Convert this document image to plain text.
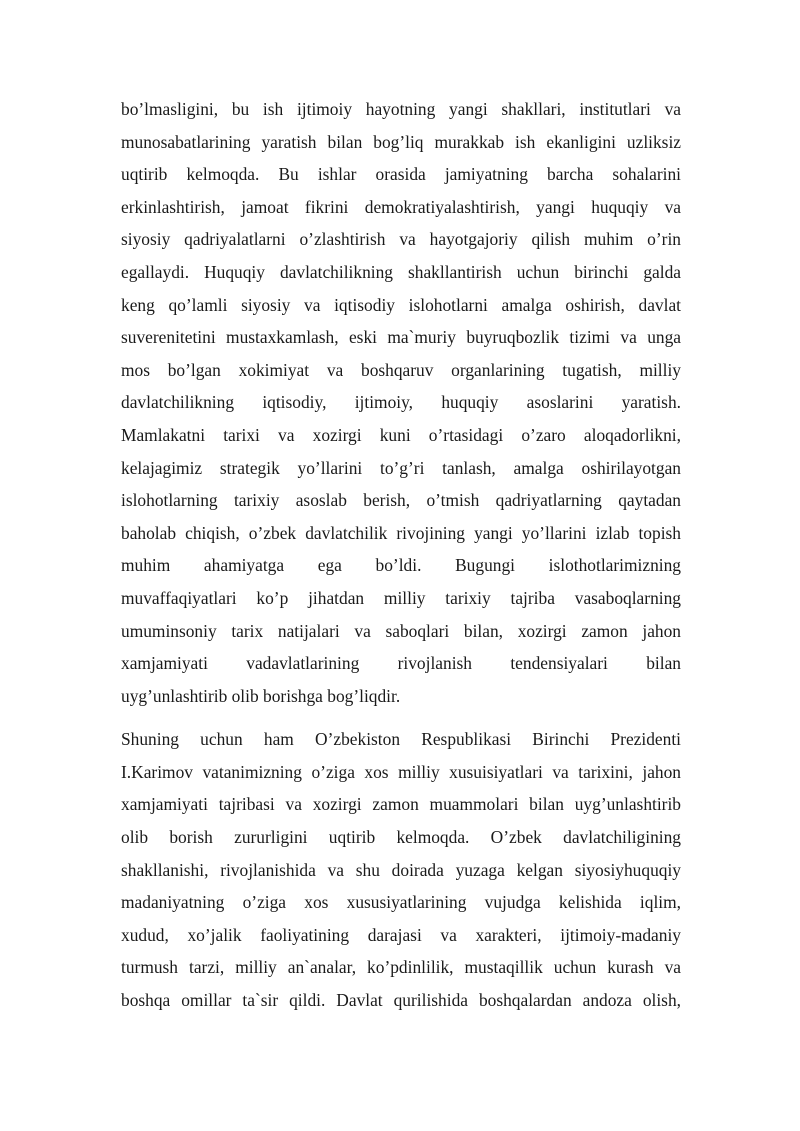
bo’lmasligini, bu ish ijtimoiy hayotning yangi shakllari, institutlari va
munosabatlarining yaratish bilan bog’liq murakkab ish ekanligini uzliksiz
uqtirib kelmoqda. Bu ishlar orasida jamiyatning barcha sohalarini
erkinlashtirish, jamoat fikrini demokratiyalashtirish, yangi huquqiy va
siyosiy qadriyalatlarni o’zlashtirish va hayotgajoriy qilish muhim o’rin
egallaydi. Huquqiy davlatchilikning shakllantirish uchun birinchi galda
keng qo’lamli siyosiy va iqtisodiy islohotlarni amalga oshirish, davlat
suverenitetini mustaxkamlash, eski ma`muriy buyruqbozlik tizimi va unga
mos bo’lgan xokimiyat va boshqaruv organlarining tugatish, milliy
davlatchilikning iqtisodiy, ijtimoiy, huquqiy asoslarini yaratish.
Mamlakatni tarixi va xozirgi kuni o’rtasidagi o’zaro aloqadorlikni,
kelajagimiz strategik yo’llarini to’g’ri tanlash, amalga oshirilayotgan
islohotlarning tarixiy asoslab berish, o’tmish qadriyatlarning qaytadan
baholab chiqish, o’zbek davlatchilik rivojining yangi yo’llarini izlab topish
muhim ahamiyatga ega bo’ldi. Bugungi islothotlarimizning
muvaffaqiyatlari ko’p jihatdan milliy tarixiy tajriba vasaboqlarning
umuminsoniy tarix natijalari va saboqlari bilan, xozirgi zamon jahon
xamjamiyati vadavlatlarining rivojlanish tendensiyalari bilan
uyg’unlashtirib olib borishga bog’liqdir.
Shuning uchun ham O’zbekiston Respublikasi Birinchi Prezidenti
I.Karimov vatanimizning o’ziga xos milliy xusuisiyatlari va tarixini, jahon
xamjamiyati tajribasi va xozirgi zamon muammolari bilan uyg’unlashtirib
olib borish zururligini uqtirib kelmoqda. O’zbek davlatchiligining
shakllanishi, rivojlanishida va shu doirada yuzaga kelgan siyosiyhuquqiy
madaniyatning o’ziga xos xususiyatlarining vujudga kelishida iqlim,
xudud, xo’jalik faoliyatining darajasi va xarakteri, ijtimoiy-madaniy
turmush tarzi, milliy an`analar, ko’pdinlilik, mustaqillik uchun kurash va
boshqa omillar ta`sir qildi. Davlat qurilishida boshqalardan andoza olish,
